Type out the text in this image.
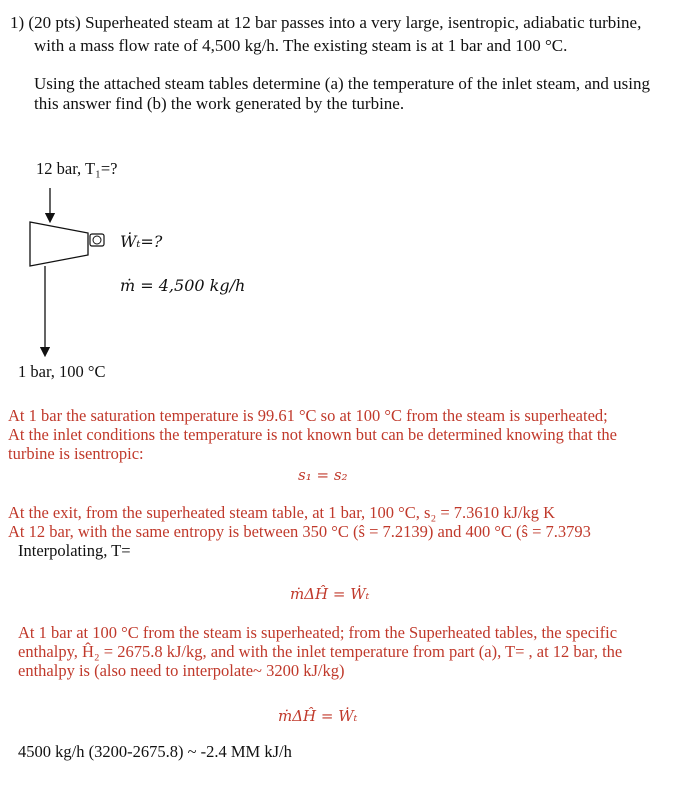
1) (20 pts) Superheated steam at 12 bar passes into a very large, isentropic, adiabatic turbine,
with a mass flow rate of 4,500 kg/h. The existing steam is at 1 bar and 100 °C.
Using the attached steam tables determine (a) the temperature of the inlet steam, and using
this answer find (b) the work generated by the turbine.
12 bar, T₁=?
Ẇₜ=?
ṁ = 4,500 kg/h
1 bar, 100 °C
At 1 bar the saturation temperature is 99.61 °C so at 100 °C from the steam is superheated;
At the inlet conditions the temperature is not known but can be determined knowing that the
turbine is isentropic:
s₁ = s₂
At the exit, from the superheated steam table, at 1 bar, 100 °C, s₂ = 7.3610 kJ/kg K
At 12 bar, with the same entropy is between 350 °C (ŝ = 7.2139) and 400 °C (ŝ = 7.3793
Interpolating, T=
ṁΔĤ = Ẇₜ
At 1 bar at 100 °C from the steam is superheated; from the Superheated tables, the specific
enthalpy, Ĥ₂ = 2675.8 kJ/kg, and with the inlet temperature from part (a), T= , at 12 bar, the
enthalpy is (also need to interpolate~ 3200 kJ/kg)
ṁΔĤ = Ẇₜ
4500 kg/h (3200-2675.8) ~ -2.4 MM kJ/h
